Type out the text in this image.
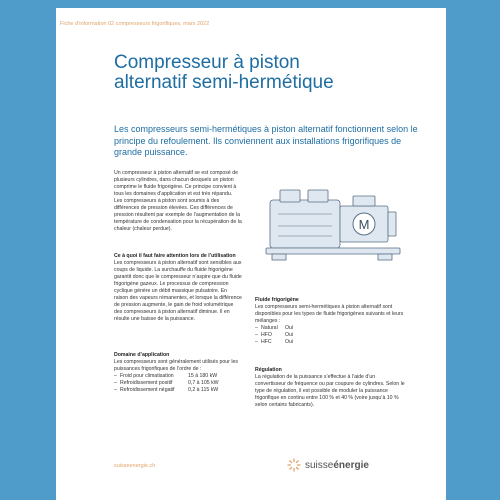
Fiche d’information 02 compresseurs frigorifiques, mars 2022
Compresseur à piston
alternatif semi-hermétique
Les compresseurs semi-hermétiques à piston alternatif fonctionnent selon le principe du refoulement. Ils conviennent aux installations frigorifiques de grande puissance.
Un compresseur à piston alternatif se est composé de plusieurs cylindres, dans chacun desquels un piston comprime le fluide frigorigène. Ce principe convient à tous les domaines d’application et est très répandu. Les compresseurs à piston sont soumis à des différences de pression élevées. Ces différences de pression résultent par exemple de l’augmentation de la température de condensation pour la récupération de la chaleur (chaleur perdue).
Ce à quoi il faut faire attention lors de l’utilisation
Les compresseurs à piston alternatif sont sensibles aux coups de liquide. La surchauffe du fluide frigorigène garantit donc que le compresseur n’aspire que du fluide frigorigène gazeux. Le processus de compression cyclique génère un débit massique pulsatoire. En raison des vapeurs rémanentes, et lorsque la différence de pression augmente, le gain de froid volumétrique des compresseurs à piston alternatif diminue. Il en résulte une baisse de la puissance.
Domaine d’application
Les compresseurs sont généralement utilisés pour les puissances frigorifiques de l’ordre de :
– Froid pour climatisation	15 à 180 kW
– Refroidissement positif	0,7 à 105 kW
– Refroidissement négatif	0,2 à 115 kW
Fluide frigorigène
Les compresseurs semi-hermétiques à piston alternatif sont disponibles pour les types de fluide frigorigènes suivants et leurs mélanges :
– Natural	Oui
– HFO	Oui
– HFC	Oui
Régulation
La régulation de la puissance s’effectue à l’aide d’un convertisseur de fréquence ou par coupure de cylindres. Selon le type de régulation, il est possible de moduler la puissance frigorifique en continu entre 100 % et 40 % (voire jusqu’à 10 % selon certains fabricants).
M
suisseenergie.ch	suisseénergie
